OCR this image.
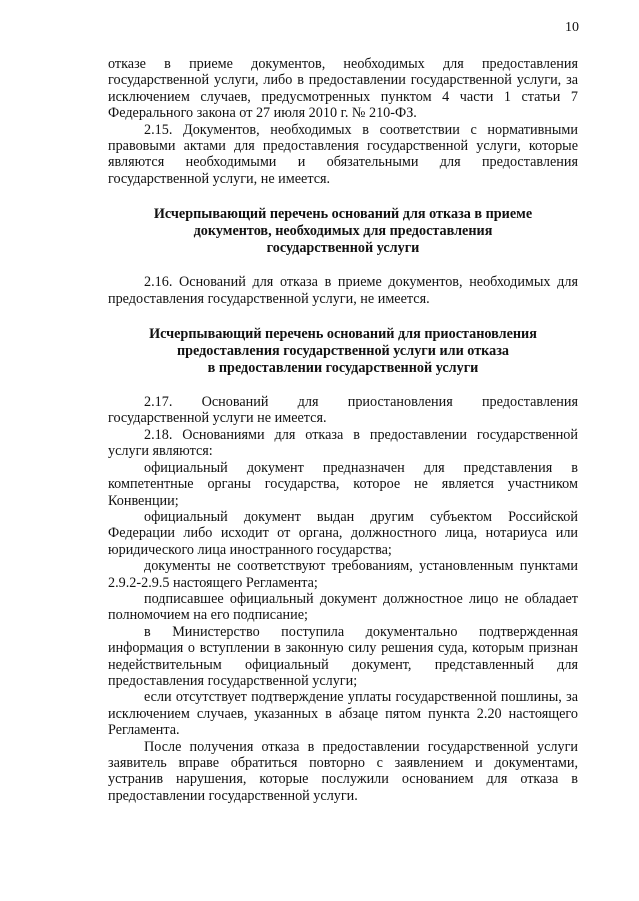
10

отказе в приеме документов, необходимых для предоставления государственной услуги, либо в предоставлении государственной услуги, за исключением случаев, предусмотренных пунктом 4 части 1 статьи 7 Федерального закона от 27 июля 2010 г. № 210-ФЗ.

2.15. Документов, необходимых в соответствии с нормативными правовыми актами для предоставления государственной услуги, которые являются необходимыми и обязательными для предоставления государственной услуги, не имеется.

Исчерпывающий перечень оснований для отказа в приеме
документов, необходимых для предоставления
государственной услуги

2.16. Оснований для отказа в приеме документов, необходимых для предоставления государственной услуги, не имеется.

Исчерпывающий перечень оснований для приостановления
предоставления государственной услуги или отказа
в предоставлении государственной услуги

2.17. Оснований для приостановления предоставления государственной услуги не имеется.

2.18. Основаниями для отказа в предоставлении государственной услуги являются:

официальный документ предназначен для представления в компетентные органы государства, которое не является участником Конвенции;

официальный документ выдан другим субъектом Российской Федерации либо исходит от органа, должностного лица, нотариуса или юридического лица иностранного государства;

документы не соответствуют требованиям, установленным пунктами 2.9.2-2.9.5 настоящего Регламента;

подписавшее официальный документ должностное лицо не обладает полномочием на его подписание;

в Министерство поступила документально подтвержденная информация о вступлении в законную силу решения суда, которым признан недействительным официальный документ, представленный для предоставления государственной услуги;

если отсутствует подтверждение уплаты государственной пошлины, за исключением случаев, указанных в абзаце пятом пункта 2.20 настоящего Регламента.

После получения отказа в предоставлении государственной услуги заявитель вправе обратиться повторно с заявлением и документами, устранив нарушения, которые послужили основанием для отказа в предоставлении государственной услуги.
